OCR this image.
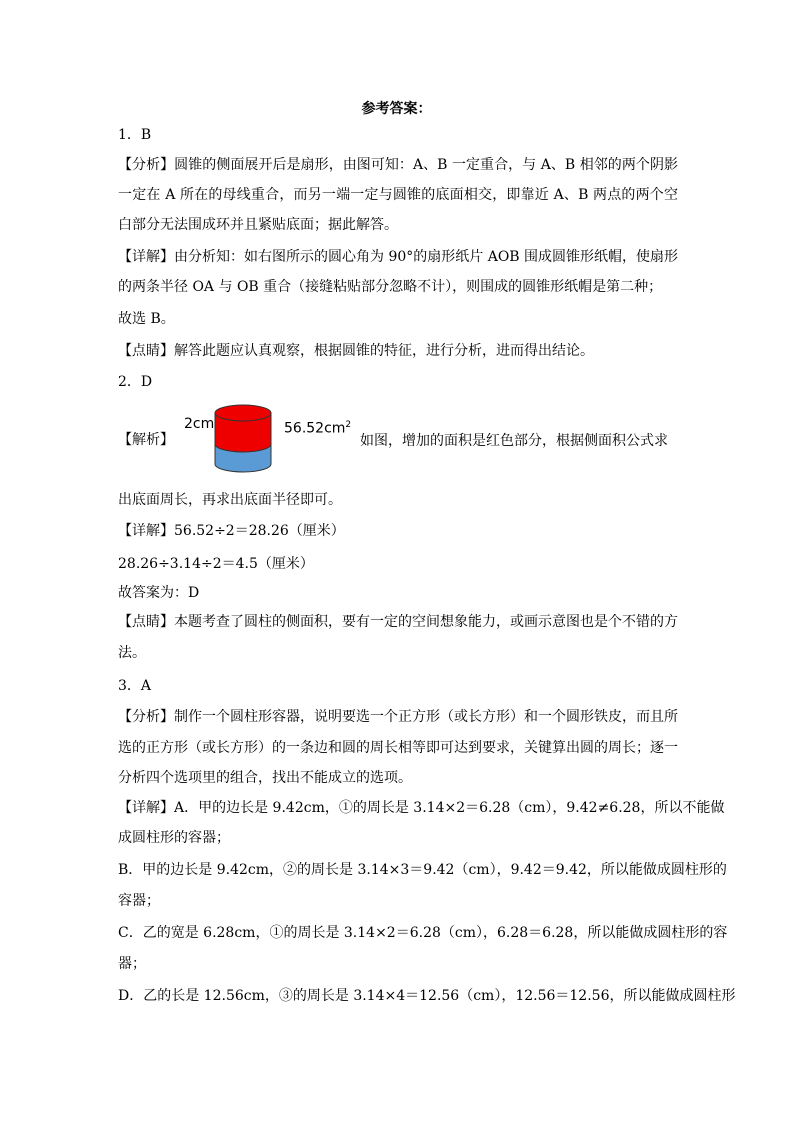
参考答案：
1．B
【分析】圆锥的侧面展开后是扇形，由图可知：A、B 一定重合，与 A、B 相邻的两个阴影
一定在 A 所在的母线重合，而另一端一定与圆锥的底面相交，即靠近 A、B 两点的两个空
白部分无法围成环并且紧贴底面；据此解答。
【详解】由分析知：如右图所示的圆心角为 90°的扇形纸片 AOB 围成圆锥形纸帽，使扇形
的两条半径 OA 与 OB 重合（接缝粘贴部分忽略不计），则围成的圆锥形纸帽是第二种；
故选 B。
【点睛】解答此题应认真观察，根据圆锥的特征，进行分析，进而得出结论。
2．D
【解析】
2cm	$56.52cm^2$
如图，增加的面积是红色部分，根据侧面积公式求
出底面周长，再求出底面半径即可。
【详解】56.52÷2＝28.26（厘米）
28.26÷3.14÷2＝4.5（厘米）
故答案为：D
【点睛】本题考查了圆柱的侧面积，要有一定的空间想象能力，或画示意图也是个不错的方
法。
3．A
【分析】制作一个圆柱形容器，说明要选一个正方形（或长方形）和一个圆形铁皮，而且所
选的正方形（或长方形）的一条边和圆的周长相等即可达到要求，关键算出圆的周长；逐一
分析四个选项里的组合，找出不能成立的选项。
【详解】A．甲的边长是 9.42cm，①的周长是 3.14×2＝6.28（cm），9.42≠6.28，所以不能做
成圆柱形的容器；
B．甲的边长是 9.42cm，②的周长是 3.14×3＝9.42（cm），9.42＝9.42，所以能做成圆柱形的
容器；
C．乙的宽是 6.28cm，①的周长是 3.14×2＝6.28（cm），6.28＝6.28，所以能做成圆柱形的容
器；
D．乙的长是 12.56cm，③的周长是 3.14×4＝12.56（cm），12.56＝12.56，所以能做成圆柱形
